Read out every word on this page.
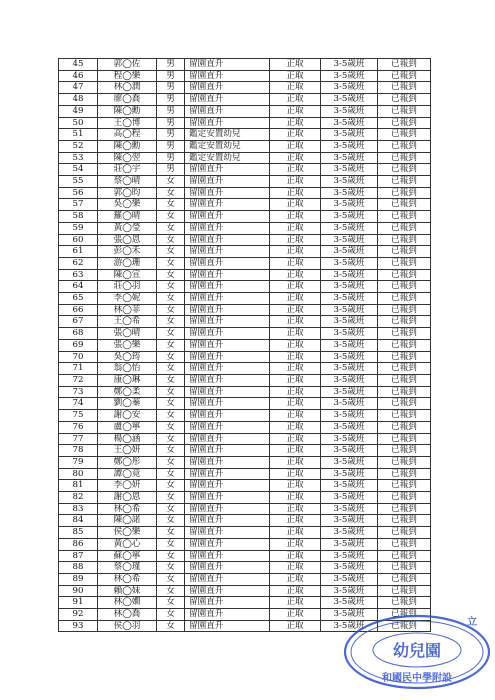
45	郭◯佐	男	留園直升	正取	3-5歲班	已報到
46	程◯樂	男	留園直升	正取	3-5歲班	已報到
47	林◯潤	男	留園直升	正取	3-5歲班	已報到
48	廖◯喬	男	留園直升	正取	3-5歲班	已報到
49	陳◯勳	男	留園直升	正取	3-5歲班	已報到
50	王◯博	男	留園直升	正取	3-5歲班	已報到
51	高◯程	男	鑑定安置幼兒	正取	3-5歲班	已報到
52	陳◯勳	男	鑑定安置幼兒	正取	3-5歲班	已報到
53	陳◯翌	男	鑑定安置幼兒	正取	3-5歲班	已報到
54	莊◯宇	男	留園直升	正取	3-5歲班	已報到
55	蔡◯晴	女	留園直升	正取	3-5歲班	已報到
56	郭◯昀	女	留園直升	正取	3-5歲班	已報到
57	吳◯樂	女	留園直升	正取	3-5歲班	已報到
58	羅◯晴	女	留園直升	正取	3-5歲班	已報到
59	黃◯瑩	女	留園直升	正取	3-5歲班	已報到
60	張◯恩	女	留園直升	正取	3-5歲班	已報到
61	彭◯禾	女	留園直升	正取	3-5歲班	已報到
62	游◯珊	女	留園直升	正取	3-5歲班	已報到
63	陳◯宣	女	留園直升	正取	3-5歲班	已報到
64	莊◯羽	女	留園直升	正取	3-5歲班	已報到
65	李◯妮	女	留園直升	正取	3-5歲班	已報到
66	林◯菲	女	留園直升	正取	3-5歲班	已報到
67	王◯希	女	留園直升	正取	3-5歲班	已報到
68	張◯晴	女	留園直升	正取	3-5歲班	已報到
69	張◯樂	女	留園直升	正取	3-5歲班	已報到
70	吳◯筠	女	留園直升	正取	3-5歲班	已報到
71	翁◯怡	女	留園直升	正取	3-5歲班	已報到
72	康◯琳	女	留園直升	正取	3-5歲班	已報到
73	鄭◯柔	女	留園直升	正取	3-5歲班	已報到
74	劉◯蓁	女	留園直升	正取	3-5歲班	已報到
75	謝◯安	女	留園直升	正取	3-5歲班	已報到
76	盧◯寧	女	留園直升	正取	3-5歲班	已報到
77	楊◯涵	女	留園直升	正取	3-5歲班	已報到
78	王◯妍	女	留園直升	正取	3-5歲班	已報到
79	鄭◯彤	女	留園直升	正取	3-5歲班	已報到
80	譚◯竟	女	留園直升	正取	3-5歲班	已報到
81	李◯妍	女	留園直升	正取	3-5歲班	已報到
82	謝◯恩	女	留園直升	正取	3-5歲班	已報到
83	林◯希	女	留園直升	正取	3-5歲班	已報到
84	陳◯諾	女	留園直升	正取	3-5歲班	已報到
85	侯◯樂	女	留園直升	正取	3-5歲班	已報到
86	黃◯心	女	留園直升	正取	3-5歲班	已報到
87	蘇◯寧	女	留園直升	正取	3-5歲班	已報到
88	蔡◯瑾	女	留園直升	正取	3-5歲班	已報到
89	林◯希	女	留園直升	正取	3-5歲班	已報到
90	賴◯妹	女	留園直升	正取	3-5歲班	已報到
91	林◯嫺	女	留園直升	正取	3-5歲班	已報到
92	林◯喬	女	留園直升	正取	3-5歲班	已報到
93	侯◯羽	女	留園直升	正取	3-5歲班	已報到
幼兒園
和國民中學附設
立
